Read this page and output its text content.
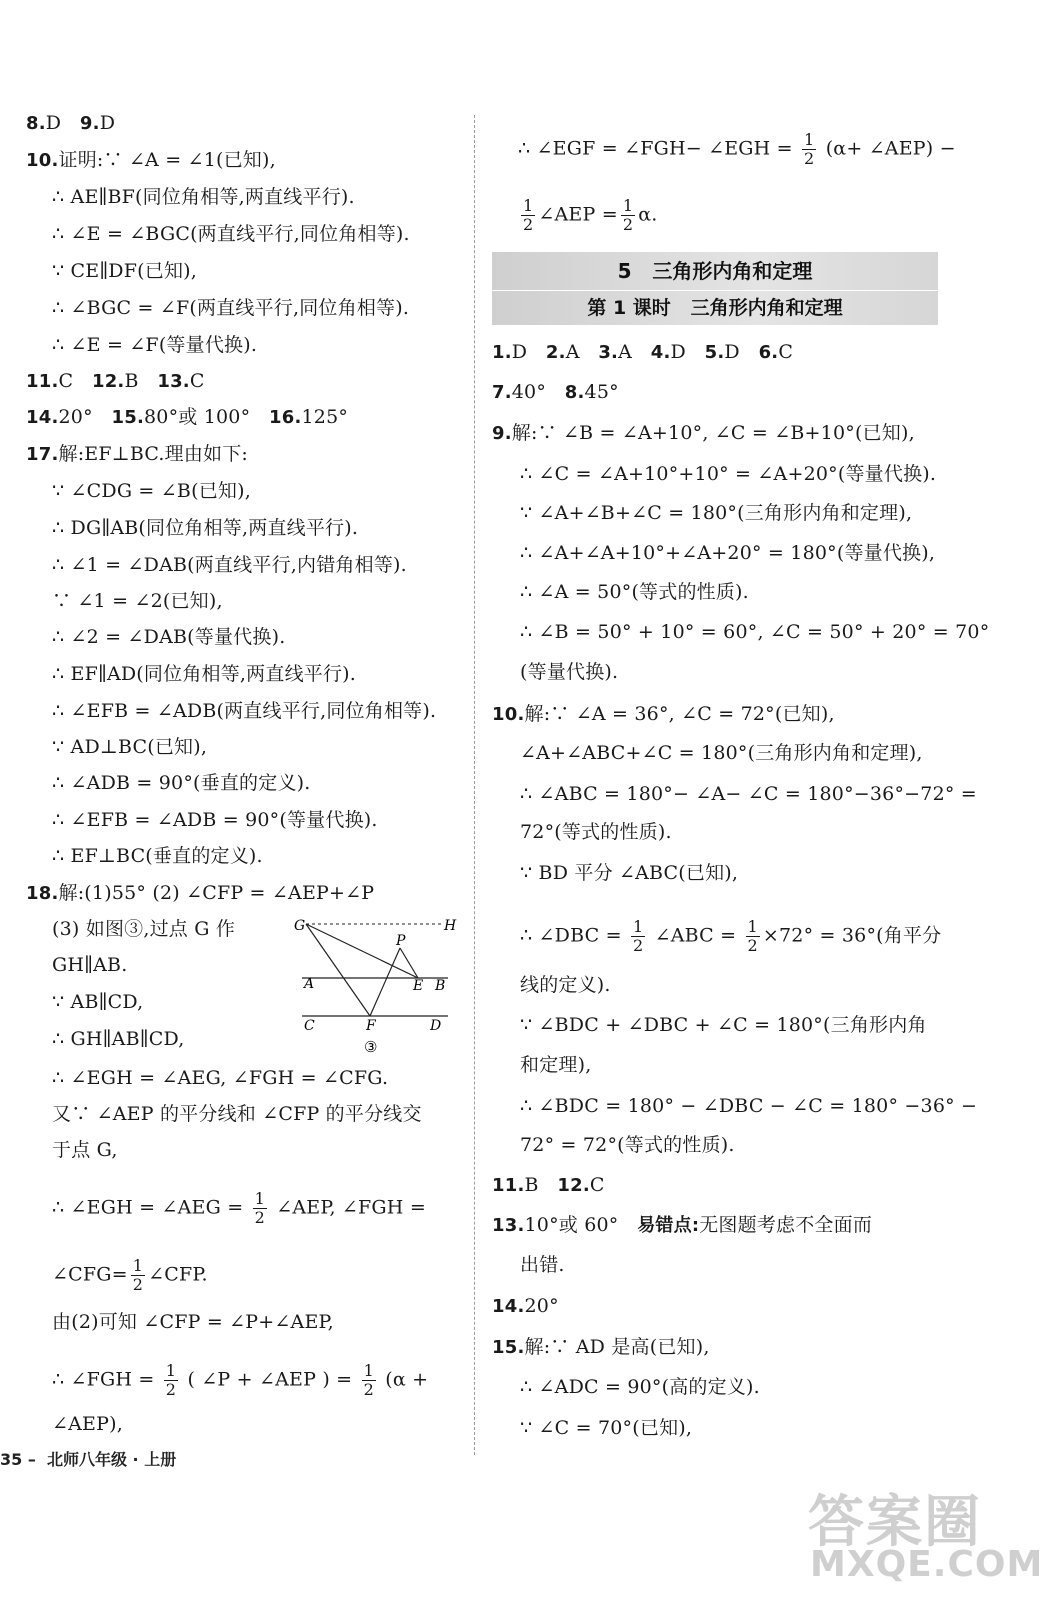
8.D 9.D
10.证明:∵ ∠A = ∠1(已知),
∴ AE∥BF(同位角相等,两直线平行).
∴ ∠E = ∠BGC(两直线平行,同位角相等).
∵ CE∥DF(已知),
∴ ∠BGC = ∠F(两直线平行,同位角相等).
∴ ∠E = ∠F(等量代换).
11.C 12.B 13.C
14.20° 15.80°或 100° 16.125°
17.解:EF⊥BC.理由如下:
∵ ∠CDG = ∠B(已知),
∴ DG∥AB(同位角相等,两直线平行).
∴ ∠1 = ∠DAB(两直线平行,内错角相等).
∵ ∠1 = ∠2(已知),
∴ ∠2 = ∠DAB(等量代换).
∴ EF∥AD(同位角相等,两直线平行).
∴ ∠EFB = ∠ADB(两直线平行,同位角相等).
∵ AD⊥BC(已知),
∴ ∠ADB = 90°(垂直的定义).
∴ ∠EFB = ∠ADB = 90°(等量代换).
∴ EF⊥BC(垂直的定义).
18.解:(1)55° (2) ∠CFP = ∠AEP+∠P
(3) 如图③,过点 G 作
GH∥AB.
∵ AB∥CD,
∴ GH∥AB∥CD,
∴ ∠EGH = ∠AEG, ∠FGH = ∠CFG.
又∵ ∠AEP 的平分线和 ∠CFP 的平分线交
于点 G,
∴ ∠EGH = ∠AEG = $\frac{1}{2}$ ∠AEP, ∠FGH =
∠CFG= $\frac{1}{2}$ ∠CFP.
由(2)可知 ∠CFP = ∠P+∠AEP,
∴ ∠FGH = $\frac{1}{2}$ ( ∠P + ∠AEP ) = $\frac{1}{2} (\alpha$ +
∠AEP),
G	H
P
A	E B
C	F	D
③
∴ ∠EGF = ∠FGH− ∠EGH = $\frac{1}{2} (\alpha+$ ∠AEP) −
$\frac{1}{2}$ ∠AEP = $\frac{1}{2} \alpha$.
5 三角形内角和定理
第 1 课时 三角形内角和定理
1.D 2.A 3.A 4.D 5.D 6.C
7.40° 8.45°
9.解:∵ ∠B = ∠A+10°, ∠C = ∠B+10°(已知),
∴ ∠C = ∠A+10°+10° = ∠A+20°(等量代换).
∵ ∠A+∠B+∠C = 180°(三角形内角和定理),
∴ ∠A+∠A+10°+∠A+20° = 180°(等量代换),
∴ ∠A = 50°(等式的性质).
∴ ∠B = 50° + 10° = 60°, ∠C = 50° + 20° = 70°
(等量代换).
10.解:∵ ∠A = 36°, ∠C = 72°(已知),
∠A+∠ABC+∠C = 180°(三角形内角和定理),
∴ ∠ABC = 180°− ∠A− ∠C = 180°−36°−72° =
72°(等式的性质).
∵ BD 平分 ∠ABC(已知),
∴ ∠DBC = $\frac{1}{2}$ ∠ABC = $\frac{1}{2} \times 72^\circ = 36^\circ$(角平分
线的定义).
∵ ∠BDC + ∠DBC + ∠C = 180°(三角形内角
和定理),
∴ ∠BDC = 180° − ∠DBC − ∠C = 180° −36° −
72° = 72°(等式的性质).
11.B 12.C
13.10°或 60° 易错点:无图题考虑不全面而
出错.
14.20°
15.解:∵ AD 是高(已知),
∴ ∠ADC = 90°(高的定义).
∵ ∠C = 70°(已知),
35 – 北师八年级 · 上册
答案圈
MXQE.COM
